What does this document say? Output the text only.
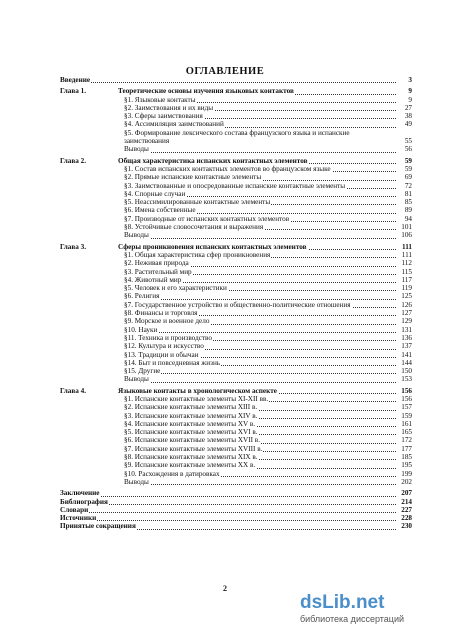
ОГЛАВЛЕНИЕ
Введение	3
Глава 1.	Теоретические основы изучения языковых контактов	9
§1. Языковые контакты	9
§2. Заимствования и их виды	27
§3. Сферы заимствования	38
§4. Ассимиляция заимствований	49
§5. Формирование лексического состава французского языка и испанские заимствования	55
Выводы	56
Глава 2.	Общая характеристика испанских контактных элементов	59
§1. Состав испанских контактных элементов во французском языке	59
§2. Прямые испанские контактные элементы	69
§3. Заимствованные и опосредованные испанские контактные элементы	72
§4. Спорные случаи	81
§5. Неассимилированные контактные элементы	85
§6. Имена собственные	89
§7. Производные от испанских контактных элементов	94
§8. Устойчивые словосочетания и выражения	101
Выводы	106
Глава 3.	Сферы проникновения испанских контактных элементов	111
§1. Общая характеристика сфер проникновения	111
§2. Неживая природа	112
§3. Растительный мир	115
§4. Животный мир	117
§5. Человек и его характеристики	119
§6. Религия	125
§7. Государственное устройство и общественно-политические отношения	126
§8. Финансы и торговля	127
§9. Морское и военное дело	129
§10. Науки	131
§11. Техника и производство	136
§12. Культура и искусство	137
§13. Традиции и обычаи	141
§14. Быт и повседневная жизнь	144
§15. Другие	150
Выводы	153
Глава 4.	Языковые контакты в хронологическом аспекте	156
§1. Испанские контактные элементы XI-XII вв.	156
§2. Испанские контактные элементы XIII в.	157
§3. Испанские контактные элементы XIV в.	159
§4. Испанские контактные элементы XV в.	161
§5. Испанские контактные элементы XVI в.	165
§6. Испанские контактные элементы XVII в.	172
§7. Испанские контактные элементы XVIII в.	177
§8. Испанские контактные элементы XIX в.	185
§9. Испанские контактные элементы XX в.	195
§10. Расхождения в датировках	199
Выводы	202
Заключение	207
Библиография	214
Словари	227
Источники	228
Принятые сокращения	230
2
dsLib.net
библиотека диссертаций
